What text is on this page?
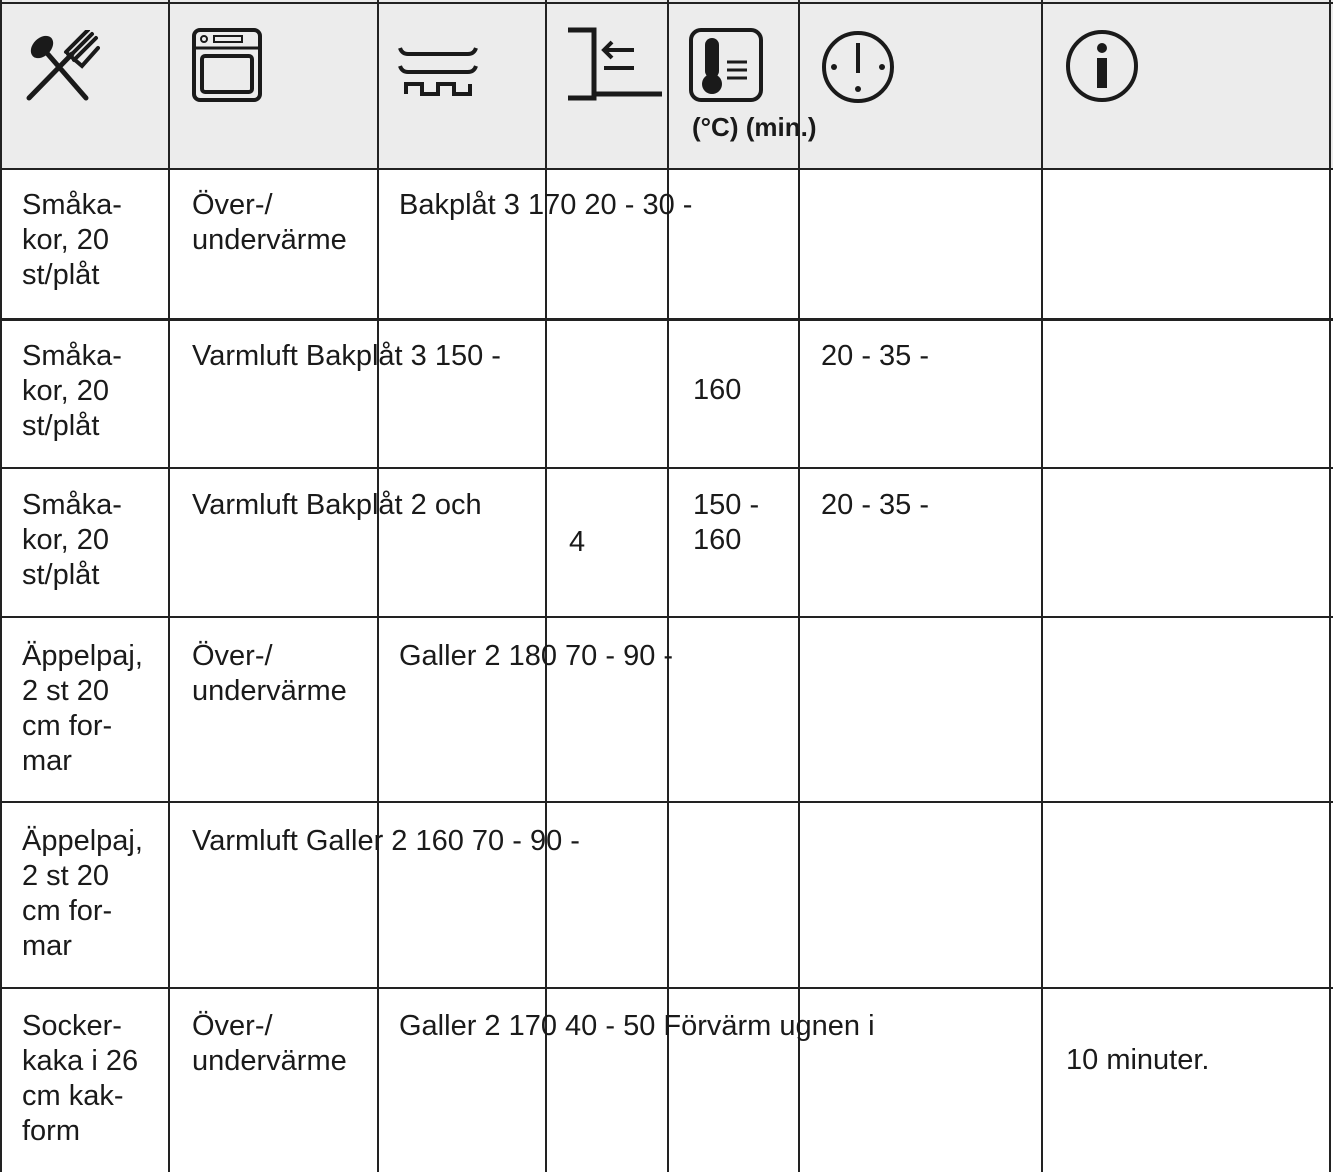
(°C) (min.)
Småka-
kor, 20
st/plåt
Över-/
undervärme
Bakplåt 3 170 20 - 30 -
Småka-
kor, 20
st/plåt
Varmluft Bakplåt 3 150 -
160
20 - 35 -
Småka-
kor, 20
st/plåt
Varmluft Bakplåt 2 och
4
150 -
160
20 - 35 -
Äppelpaj,
2 st 20
cm for-
mar
Över-/
undervärme
Galler 2 180 70 - 90 -
Äppelpaj,
2 st 20
cm for-
mar
Varmluft Galler 2 160 70 - 90 -
Socker-
kaka i 26
cm kak-
form
Över-/
undervärme
Galler 2 170 40 - 50 Förvärm ugnen i
10 minuter.
